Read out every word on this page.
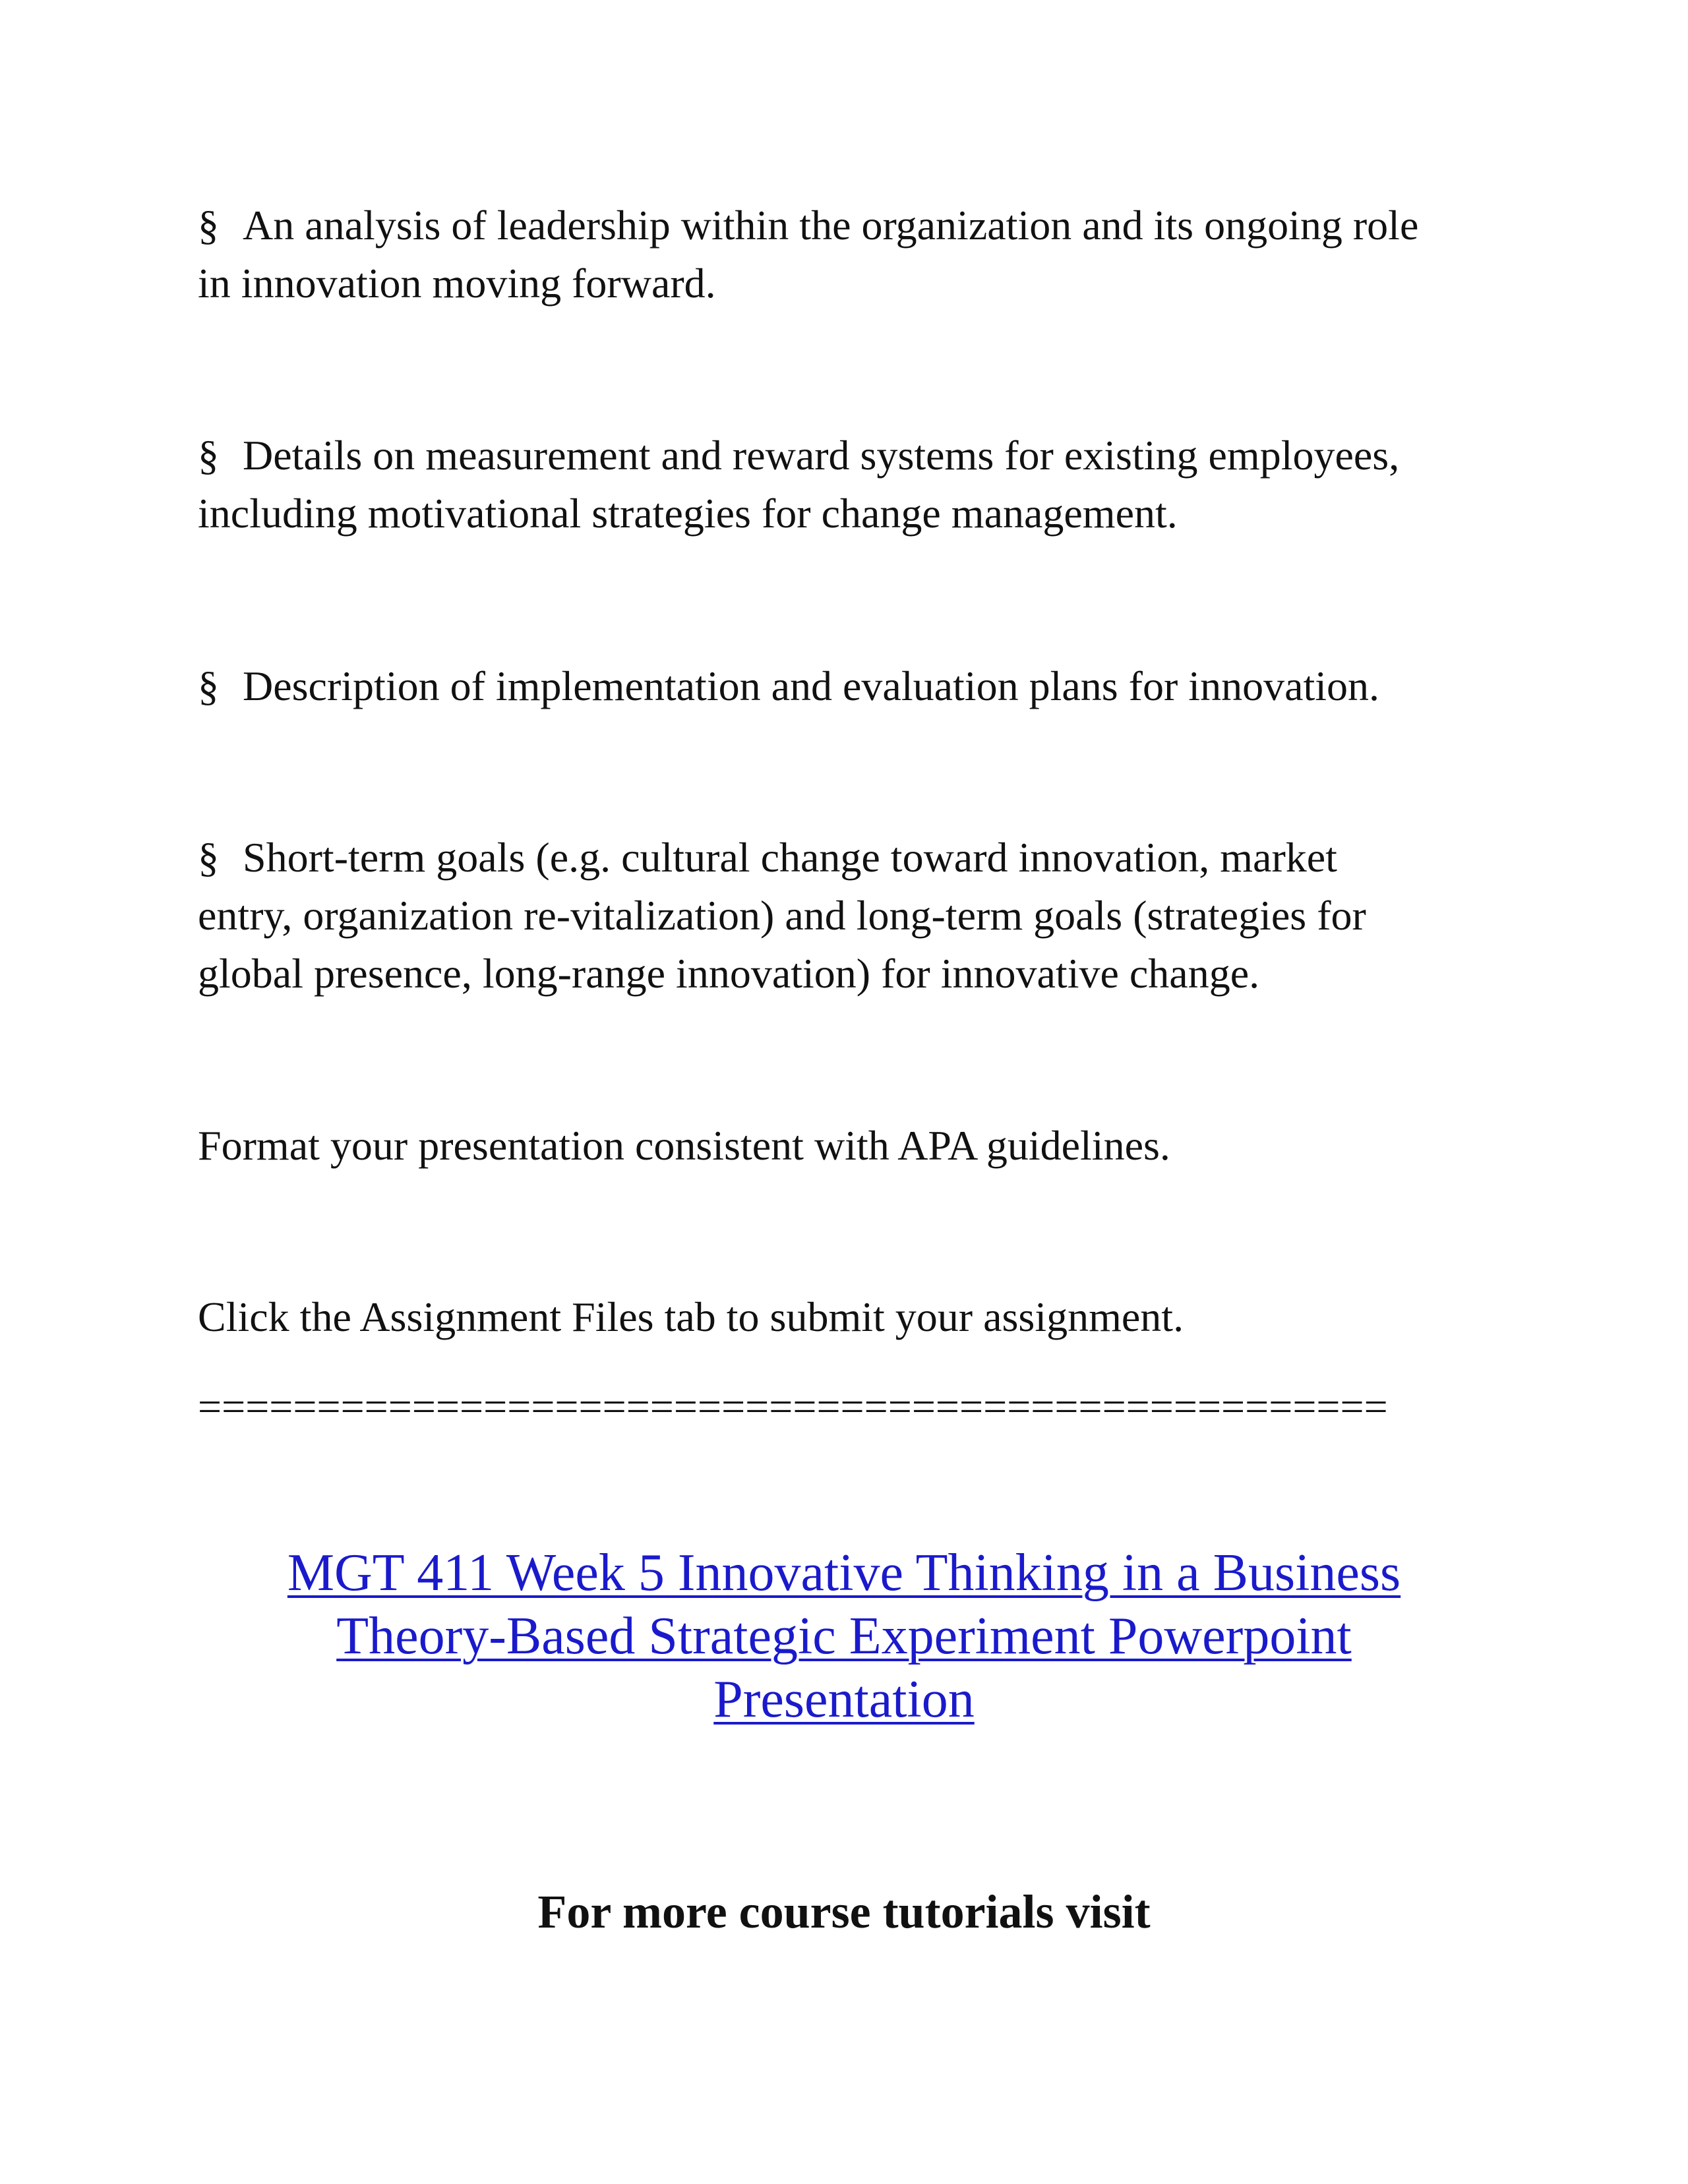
§ An analysis of leadership within the organization and its ongoing role
in innovation moving forward.
§ Details on measurement and reward systems for existing employees,
including motivational strategies for change management.
§ Description of implementation and evaluation plans for innovation.
§ Short-term goals (e.g. cultural change toward innovation, market
entry, organization re-vitalization) and long-term goals (strategies for
global presence, long-range innovation) for innovative change.
Format your presentation consistent with APA guidelines.
Click the Assignment Files tab to submit your assignment.
==================================================
MGT 411 Week 5 Innovative Thinking in a Business
Theory-Based Strategic Experiment Powerpoint
Presentation
For more course tutorials visit
